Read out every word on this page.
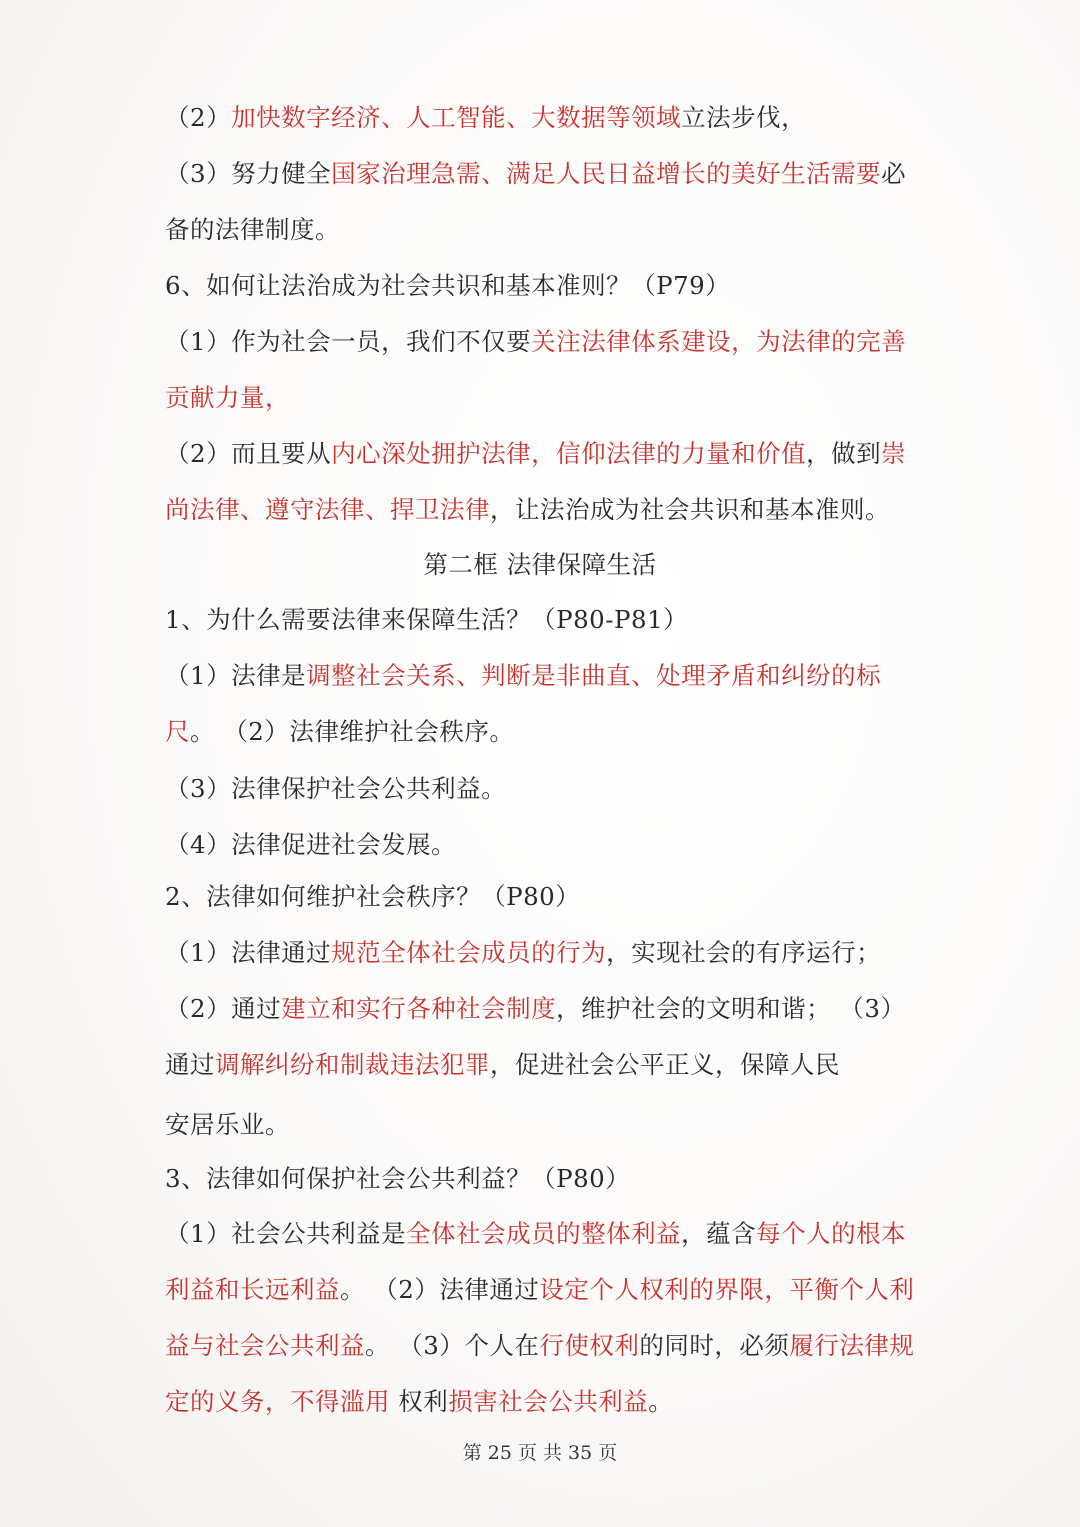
（2）加快数字经济、人工智能、大数据等领域立法步伐，
（3）努力健全国家治理急需、满足人民日益增长的美好生活需要必
备的法律制度。
6、如何让法治成为社会共识和基本准则？（P79）
（1）作为社会一员，我们不仅要关注法律体系建设，为法律的完善
贡献力量，
（2）而且要从内心深处拥护法律，信仰法律的力量和价值，做到崇
尚法律、遵守法律、捍卫法律，让法治成为社会共识和基本准则。
第二框 法律保障生活
1、为什么需要法律来保障生活？（P80-P81）
（1）法律是调整社会关系、判断是非曲直、处理矛盾和纠纷的标
尺。 （2）法律维护社会秩序。
（3）法律保护社会公共利益。
（4）法律促进社会发展。
2、法律如何维护社会秩序？（P80）
（1）法律通过规范全体社会成员的行为，实现社会的有序运行；
（2）通过建立和实行各种社会制度，维护社会的文明和谐； （3）
通过调解纠纷和制裁违法犯罪，促进社会公平正义，保障人民
安居乐业。
3、法律如何保护社会公共利益？（P80）
（1）社会公共利益是全体社会成员的整体利益，蕴含每个人的根本
利益和长远利益。 （2）法律通过设定个人权利的界限，平衡个人利
益与社会公共利益。 （3）个人在行使权利的同时，必须履行法律规
定的义务，不得滥用 权利损害社会公共利益。
第 25 页 共 35 页
